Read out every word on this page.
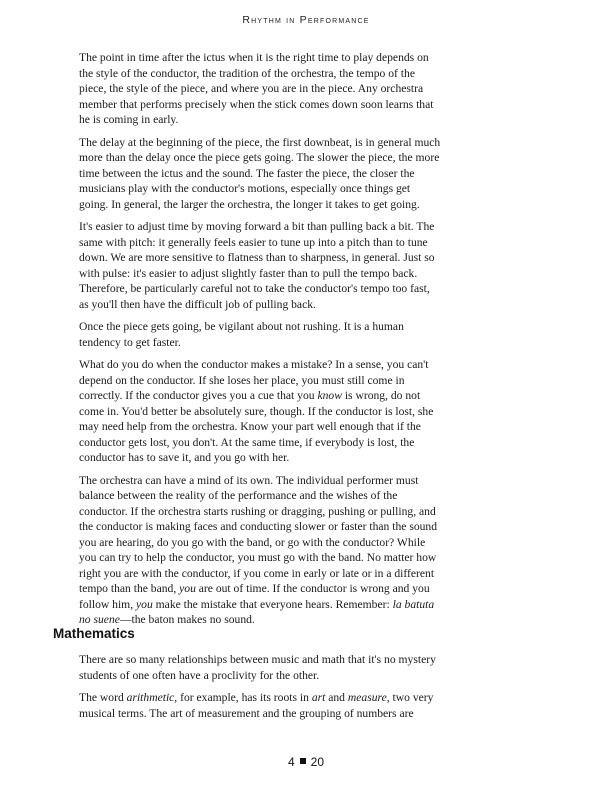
Rhythm in Performance

The point in time after the ictus when it is the right time to play depends on the style of the conductor, the tradition of the orchestra, the tempo of the piece, the style of the piece, and where you are in the piece. Any orchestra member that performs precisely when the stick comes down soon learns that he is coming in early.

The delay at the beginning of the piece, the first downbeat, is in general much more than the delay once the piece gets going. The slower the piece, the more time between the ictus and the sound. The faster the piece, the closer the musicians play with the conductor's motions, especially once things get going. In general, the larger the orchestra, the longer it takes to get going.

It's easier to adjust time by moving forward a bit than pulling back a bit. The same with pitch: it generally feels easier to tune up into a pitch than to tune down. We are more sensitive to flatness than to sharpness, in general. Just so with pulse: it's easier to adjust slightly faster than to pull the tempo back. Therefore, be particularly careful not to take the conductor's tempo too fast, as you'll then have the difficult job of pulling back.

Once the piece gets going, be vigilant about not rushing. It is a human tendency to get faster.

What do you do when the conductor makes a mistake? In a sense, you can't depend on the conductor. If she loses her place, you must still come in correctly. If the conductor gives you a cue that you know is wrong, do not come in. You'd better be absolutely sure, though. If the conductor is lost, she may need help from the orchestra. Know your part well enough that if the conductor gets lost, you don't. At the same time, if everybody is lost, the conductor has to save it, and you go with her.

The orchestra can have a mind of its own. The individual performer must balance between the reality of the performance and the wishes of the conductor. If the orchestra starts rushing or dragging, pushing or pulling, and the conductor is making faces and conducting slower or faster than the sound you are hearing, do you go with the band, or go with the conductor? While you can try to help the conductor, you must go with the band. No matter how right you are with the conductor, if you come in early or late or in a different tempo than the band, you are out of time. If the conductor is wrong and you follow him, you make the mistake that everyone hears. Remember: la batuta no suene—the baton makes no sound.

Mathematics

There are so many relationships between music and math that it's no mystery students of one often have a proclivity for the other.

The word arithmetic, for example, has its roots in art and measure, two very musical terms. The art of measurement and the grouping of numbers are

4 20
